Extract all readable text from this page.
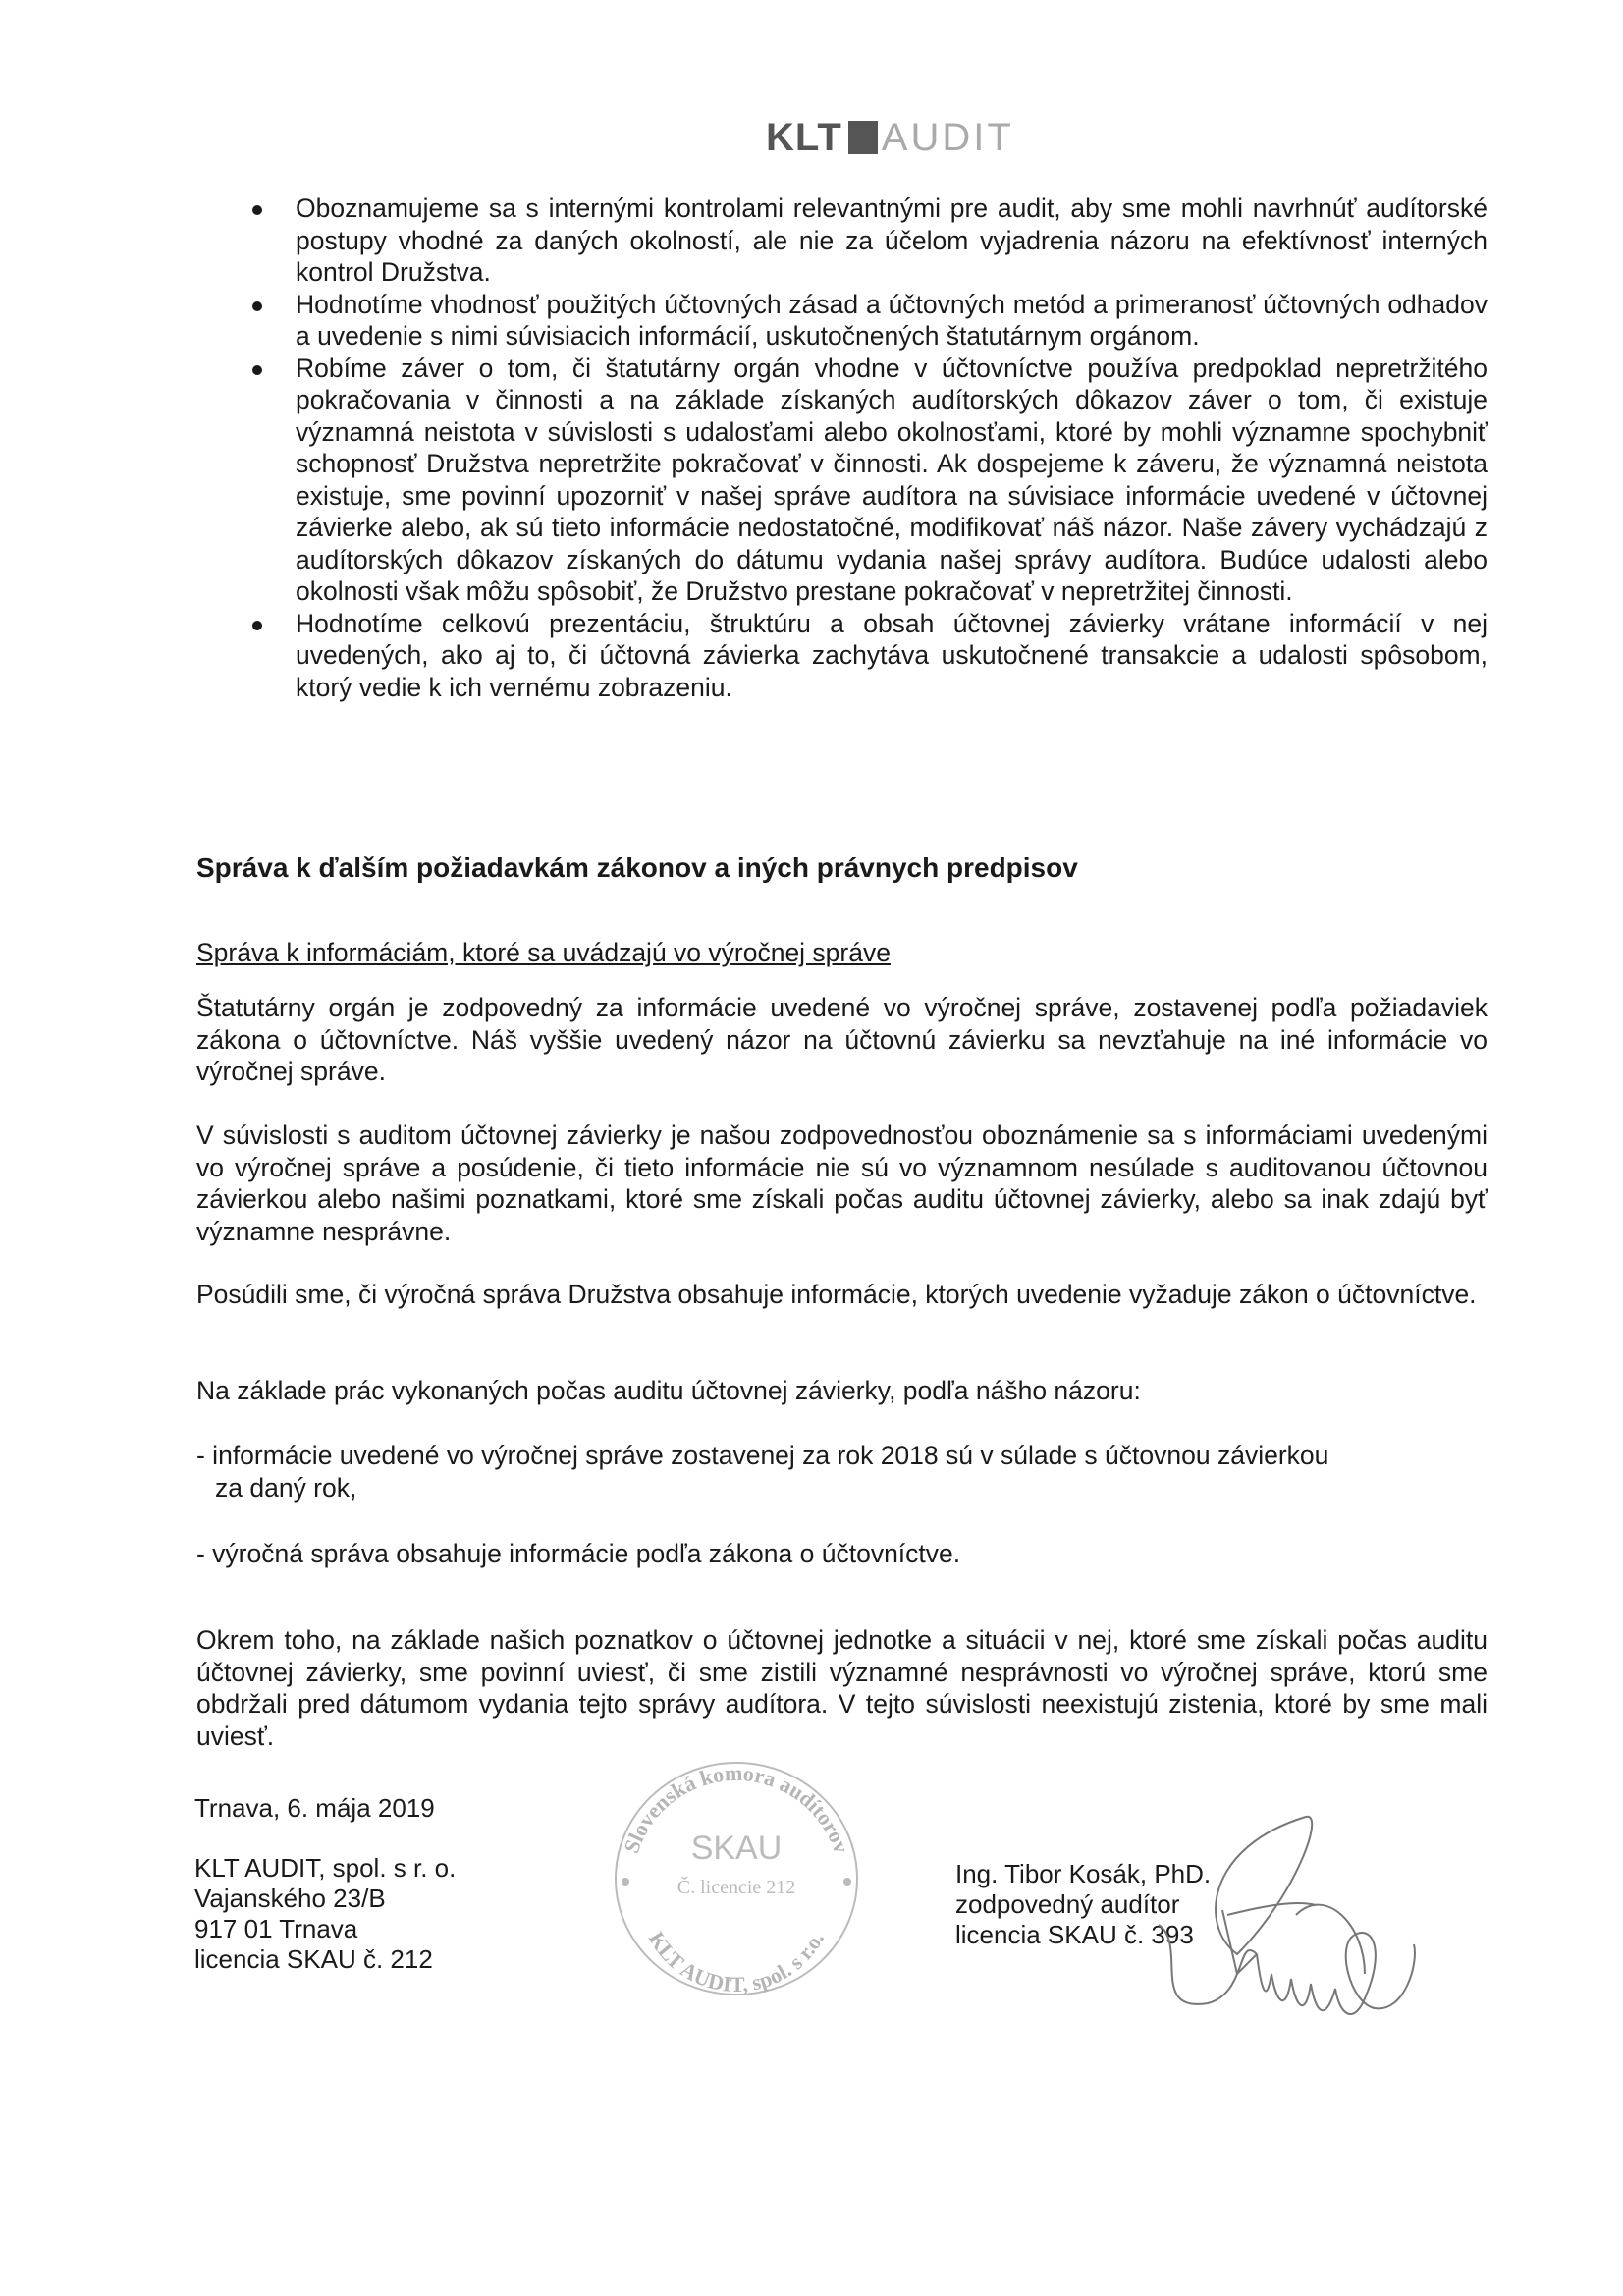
KLT AUDIT
Oboznamujeme sa s internými kontrolami relevantnými pre audit, aby sme mohli navrhnúť audítorské postupy vhodné za daných okolností, ale nie za účelom vyjadrenia názoru na efektívnosť interných kontrol Družstva.
Hodnotíme vhodnosť použitých účtovných zásad a účtovných metód a primeranosť účtovných odhadov a uvedenie s nimi súvisiacich informácií, uskutočnených štatutárnym orgánom.
Robíme záver o tom, či štatutárny orgán vhodne v účtovníctve používa predpoklad nepretržitého pokračovania v činnosti a na základe získaných audítorských dôkazov záver o tom, či existuje významná neistota v súvislosti s udalosťami alebo okolnosťami, ktoré by mohli významne spochybniť schopnosť Družstva nepretržite pokračovať v činnosti. Ak dospejeme k záveru, že významná neistota existuje, sme povinní upozorniť v našej správe audítora na súvisiace informácie uvedené v účtovnej závierke alebo, ak sú tieto informácie nedostatočné, modifikovať náš názor. Naše závery vychádzajú z audítorských dôkazov získaných do dátumu vydania našej správy audítora. Budúce udalosti alebo okolnosti však môžu spôsobiť, že Družstvo prestane pokračovať v nepretržitej činnosti.
Hodnotíme celkovú prezentáciu, štruktúru a obsah účtovnej závierky vrátane informácií v nej uvedených, ako aj to, či účtovná závierka zachytáva uskutočnené transakcie a udalosti spôsobom, ktorý vedie k ich vernému zobrazeniu.
Správa k ďalším požiadavkám zákonov a iných právnych predpisov
Správa k informáciám, ktoré sa uvádzajú vo výročnej správe
Štatutárny orgán je zodpovedný za informácie uvedené vo výročnej správe, zostavenej podľa požiadaviek zákona o účtovníctve. Náš vyššie uvedený názor na účtovnú závierku sa nevzťahuje na iné informácie vo výročnej správe.
V súvislosti s auditom účtovnej závierky je našou zodpovednosťou oboznámenie sa s informáciami uvedenými vo výročnej správe a posúdenie, či tieto informácie nie sú vo významnom nesúlade s auditovanou účtovnou závierkou alebo našimi poznatkami, ktoré sme získali počas auditu účtovnej závierky, alebo sa inak zdajú byť významne nesprávne.
Posúdili sme, či výročná správa Družstva obsahuje informácie, ktorých uvedenie vyžaduje zákon o účtovníctve.
Na základe prác vykonaných počas auditu účtovnej závierky, podľa nášho názoru:
- informácie uvedené vo výročnej správe zostavenej za rok 2018 sú v súlade s účtovnou závierkou
za daný rok,
- výročná správa obsahuje informácie podľa zákona o účtovníctve.
Okrem toho, na základe našich poznatkov o účtovnej jednotke a situácii v nej, ktoré sme získali počas auditu účtovnej závierky, sme povinní uviesť, či sme zistili významné nesprávnosti vo výročnej správe, ktorú sme obdržali pred dátumom vydania tejto správy audítora. V tejto súvislosti neexistujú zistenia, ktoré by sme mali uviesť.
Trnava, 6. mája 2019
KLT AUDIT, spol. s r. o.
Vajanského 23/B
917 01 Trnava
licencia SKAU č. 212
Slovenská komora audítorov
KLT AUDIT, spol. s r.o.
SKAU
Č. licencie 212	Ing. Tibor Kosák, PhD.
zodpovedný audítor
licencia SKAU č. 393
